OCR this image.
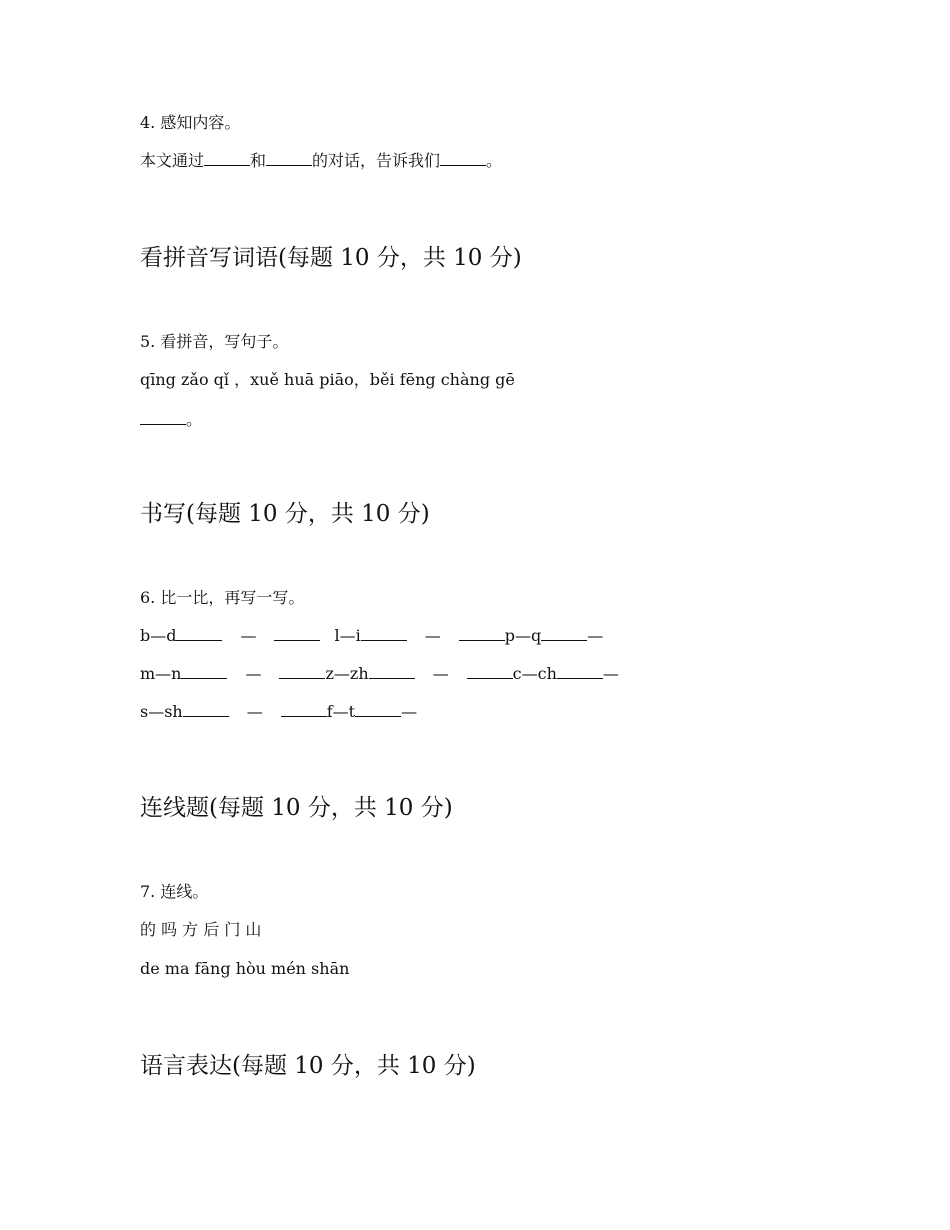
4. 感知内容。
本文通过	和	的对话，告诉我们	。
看拼音写词语(每题 10 分，共 10 分)
5. 看拼音，写句子。
qīng zǎo qǐ ，xuě huā piāo，běi fēng chàng gē
。
书写(每题 10 分，共 10 分)
6. 比一比，再写一写。
b—d	—	l—i	—	p—q	—
m—n	—	z—zh	—	c—ch	—
s—sh	—	f—t	—
连线题(每题 10 分，共 10 分)
7. 连线。
的 吗 方 后 门 山
de ma fāng hòu mén shān
语言表达(每题 10 分，共 10 分)
